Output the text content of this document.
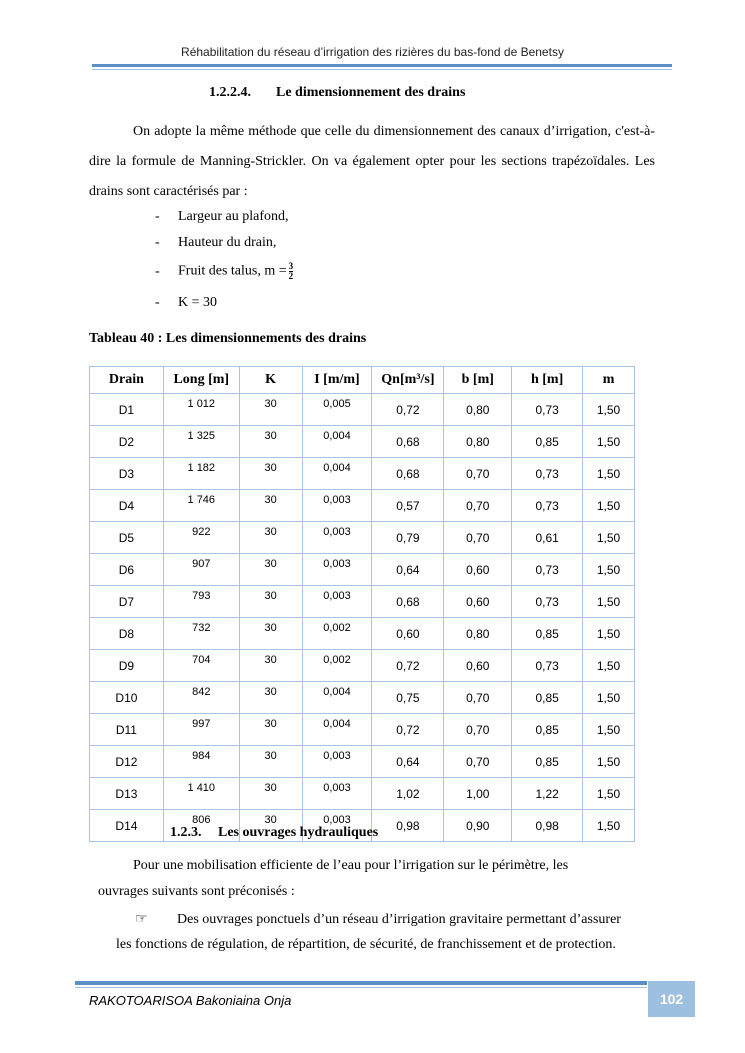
Réhabilitation du réseau d’irrigation des rizières du bas-fond de Benetsy
1.2.2.4. Le dimensionnement des drains
On adopte la même méthode que celle du dimensionnement des canaux d’irrigation, c'est-à-dire la formule de Manning-Strickler. On va également opter pour les sections trapézoïdales. Les drains sont caractérisés par :
- Largeur au plafond,
- Hauteur du drain,
- Fruit des talus, $m = \frac{3}{2}$
- K = 30
Tableau 40 : Les dimensionnements des drains
Drain	Long [m]	K	I [m/m]	Qn[m³/s]	b [m]	h [m]	m
D1	1 012	30	0,005	0,72	0,80	0,73	1,50
D2	1 325	30	0,004	0,68	0,80	0,85	1,50
D3	1 182	30	0,004	0,68	0,70	0,73	1,50
D4	1 746	30	0,003	0,57	0,70	0,73	1,50
D5	922	30	0,003	0,79	0,70	0,61	1,50
D6	907	30	0,003	0,64	0,60	0,73	1,50
D7	793	30	0,003	0,68	0,60	0,73	1,50
D8	732	30	0,002	0,60	0,80	0,85	1,50
D9	704	30	0,002	0,72	0,60	0,73	1,50
D10	842	30	0,004	0,75	0,70	0,85	1,50
D11	997	30	0,004	0,72	0,70	0,85	1,50
D12	984	30	0,003	0,64	0,70	0,85	1,50
D13	1 410	30	0,003	1,02	1,00	1,22	1,50
D14	806	30	0,003	0,98	0,90	0,98	1,50
1.2.3. Les ouvrages hydrauliques
Pour une mobilisation efficiente de l’eau pour l’irrigation sur le périmètre, les
ouvrages suivants sont préconisés :
☞ Des ouvrages ponctuels d’un réseau d’irrigation gravitaire permettant d’assurer
les fonctions de régulation, de répartition, de sécurité, de franchissement et de protection.
RAKOTOARISOA Bakoniaina Onja	102
